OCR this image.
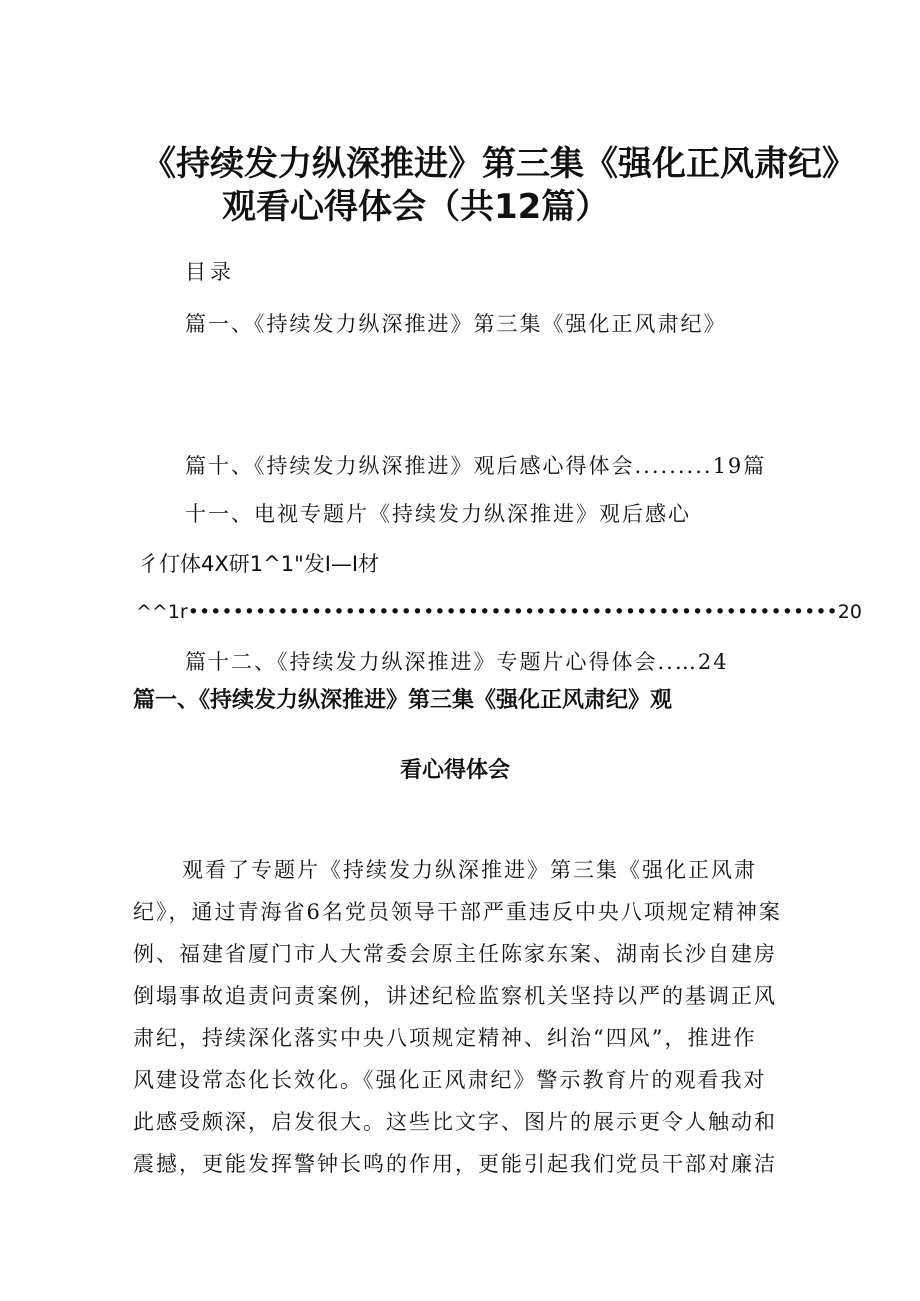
《持续发力纵深推进》第三集《强化正风肃纪》
观看心得体会（共12篇）
目录
篇一、《持续发力纵深推进》第三集《强化正风肃纪》
篇十、《持续发力纵深推进》观后感心得体会.........19篇
十一、电视专题片《持续发力纵深推进》观后感心
彳仃体4X研1^1"发I—I材
^^1r••••••••••••••••••••••••••••••••••••••••••••••••••••••••••20
篇十二、《持续发力纵深推进》专题片心得体会..…24
篇一、《持续发力纵深推进》第三集《强化正风肃纪》观
看心得体会
观看了专题片《持续发力纵深推进》第三集《强化正风肃
纪》，通过青海省6名党员领导干部严重违反中央八项规定精神案
例、福建省厦门市人大常委会原主任陈家东案、湖南长沙自建房
倒塌事故追责问责案例，讲述纪检监察机关坚持以严的基调正风
肃纪，持续深化落实中央八项规定精神、纠治“四风”，推进作
风建设常态化长效化。《强化正风肃纪》警示教育片的观看我对
此感受颇深，启发很大。这些比文字、图片的展示更令人触动和
震撼，更能发挥警钟长鸣的作用，更能引起我们党员干部对廉洁
